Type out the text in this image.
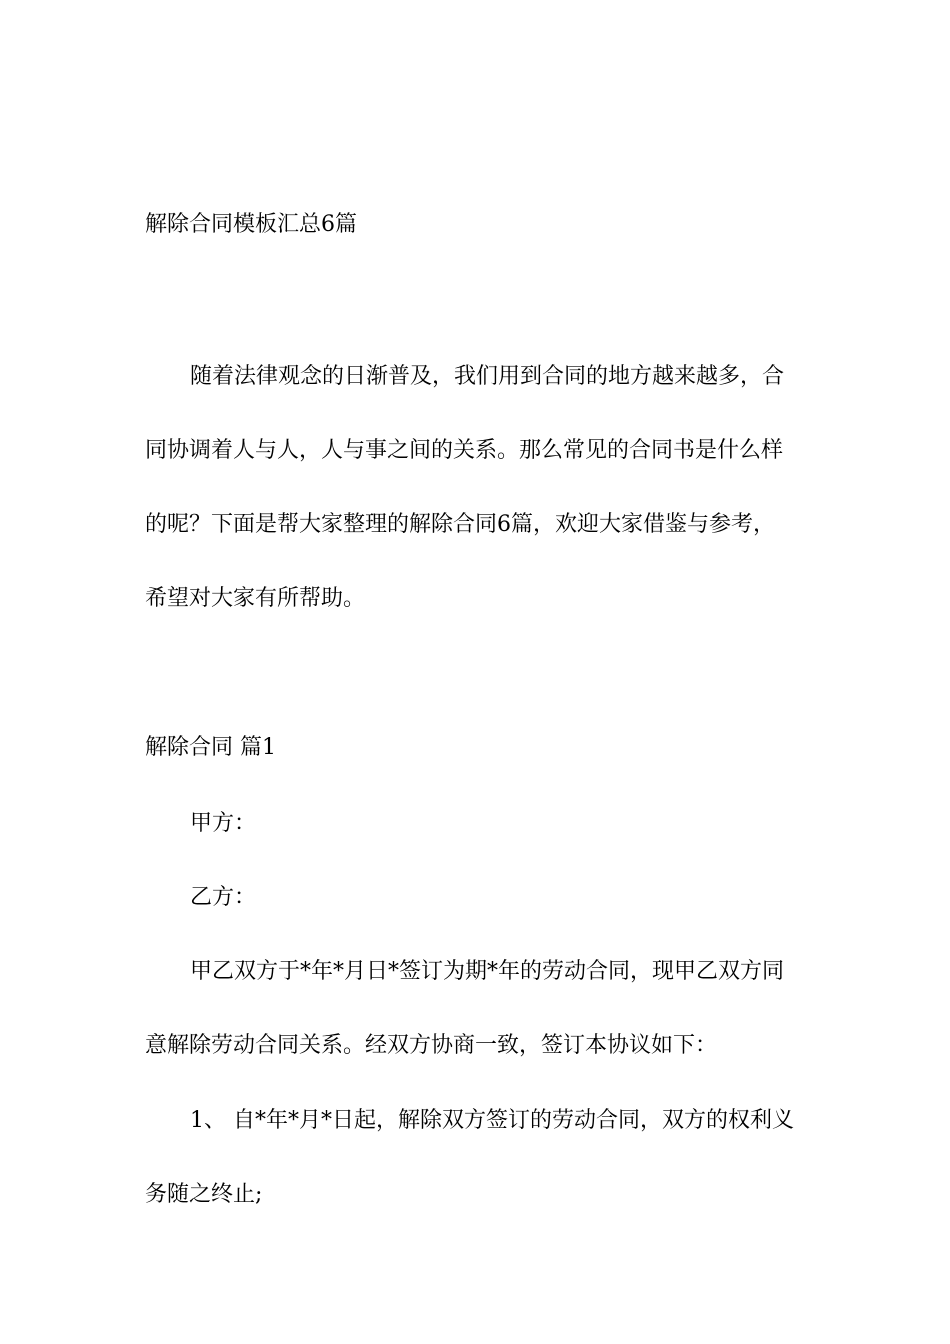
解除合同模板汇总6篇
随着法律观念的日渐普及，我们用到合同的地方越来越多，合
同协调着人与人，人与事之间的关系。那么常见的合同书是什么样
的呢？下面是帮大家整理的解除合同6篇，欢迎大家借鉴与参考，
希望对大家有所帮助。
解除合同 篇1
甲方：
乙方：
甲乙双方于*年*月日*签订为期*年的劳动合同，现甲乙双方同
意解除劳动合同关系。经双方协商一致，签订本协议如下：
1、 自*年*月*日起，解除双方签订的劳动合同，双方的权利义
务随之终止;
